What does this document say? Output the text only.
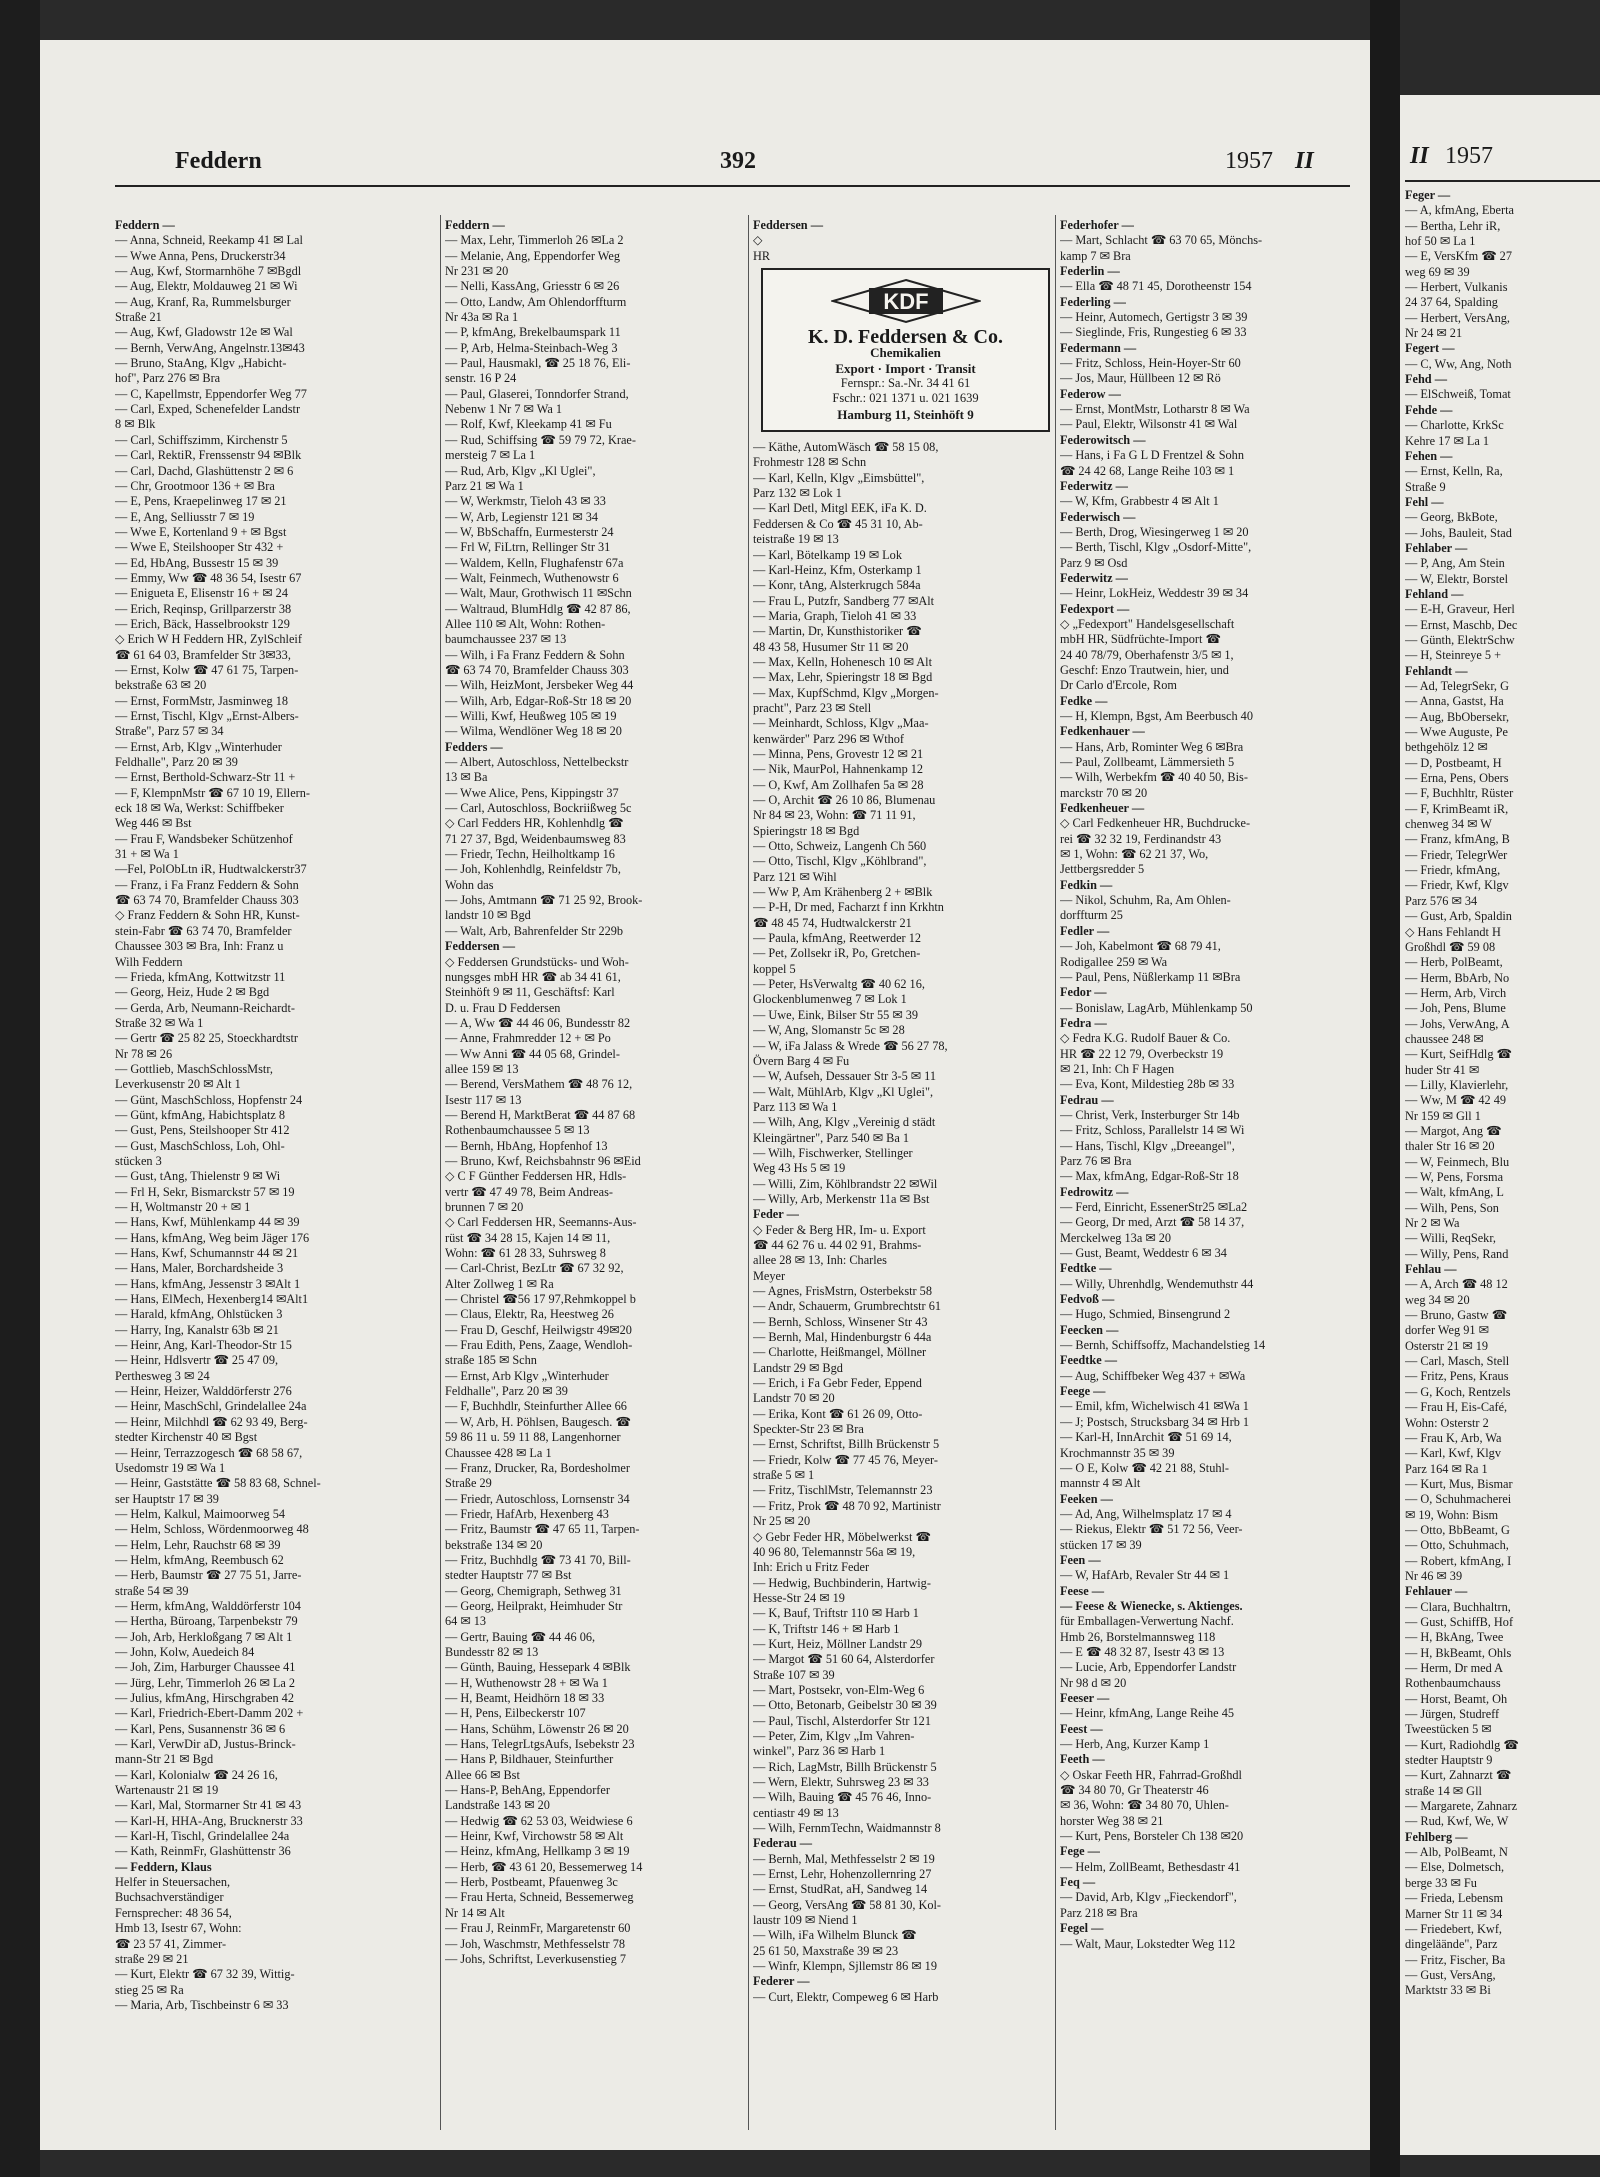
Feddern	392	1957 II
Feddern —
— Anna, Schneid, Reekamp 41 ✉ Lal
— Wwe Anna, Pens, Druckerstr34
— Aug, Kwf, Stormarnhöhe 7 ✉Bgdl
— Aug, Elektr, Moldauweg 21 ✉ Wi
— Aug, Kranf, Ra, Rummelsburger
Straße 21
— Aug, Kwf, Gladowstr 12e ✉ Wal
— Bernh, VerwAng, Angelnstr.13✉43
— Bruno, StaAng, Klgv „Habicht-
hof", Parz 276 ✉ Bra
— C, Kapellmstr, Eppendorfer Weg 77
— Carl, Exped, Schenefelder Landstr
8 ✉ Blk
— Carl, Schiffszimm, Kirchenstr 5
— Carl, RektiR, Frenssenstr 94 ✉Blk
— Carl, Dachd, Glashüttenstr 2 ✉ 6
— Chr, Grootmoor 136 + ✉ Bra
— E, Pens, Kraepelinweg 17 ✉ 21
— E, Ang, Selliusstr 7 ✉ 19
— Wwe E, Kortenland 9 + ✉ Bgst
— Wwe E, Steilshooper Str 432 +
— Ed, HbAng, Bussestr 15 ✉ 39
— Emmy, Ww ☎ 48 36 54, Isestr 67
— Enigueta E, Elisenstr 16 + ✉ 24
— Erich, Reqinsp, Grillparzerstr 38
— Erich, Bäck, Hasselbrookstr 129
◇ Erich W H Feddern HR, ZylSchleif
☎ 61 64 03, Bramfelder Str 3✉33,
— Ernst, Kolw ☎ 47 61 75, Tarpen-
bekstraße 63 ✉ 20
— Ernst, FormMstr, Jasminweg 18
— Ernst, Tischl, Klgv „Ernst-Albers-
Straße", Parz 57 ✉ 34
— Ernst, Arb, Klgv „Winterhuder
Feldhalle", Parz 20 ✉ 39
— Ernst, Berthold-Schwarz-Str 11 +
— F, KlempnMstr ☎ 67 10 19, Ellern-
eck 18 ✉ Wa, Werkst: Schiffbeker
Weg 446 ✉ Bst
— Frau F, Wandsbeker Schützenhof
31 + ✉ Wa 1
—Fel, PolObLtn iR, Hudtwalckerstr37
— Franz, i Fa Franz Feddern & Sohn
☎ 63 74 70, Bramfelder Chauss 303
◇ Franz Feddern & Sohn HR, Kunst-
stein-Fabr ☎ 63 74 70, Bramfelder
Chaussee 303 ✉ Bra, Inh: Franz u
Wilh Feddern
— Frieda, kfmAng, Kottwitzstr 11
— Georg, Heiz, Hude 2 ✉ Bgd
— Gerda, Arb, Neumann-Reichardt-
Straße 32 ✉ Wa 1
— Gertr ☎ 25 82 25, Stoeckhardtstr
Nr 78 ✉ 26
— Gottlieb, MaschSchlossMstr,
Leverkusenstr 20 ✉ Alt 1
— Günt, MaschSchloss, Hopfenstr 24
— Günt, kfmAng, Habichtsplatz 8
— Gust, Pens, Steilshooper Str 412
— Gust, MaschSchloss, Loh, Ohl-
stücken 3
— Gust, tAng, Thielenstr 9 ✉ Wi
— Frl H, Sekr, Bismarckstr 57 ✉ 19
— H, Woltmanstr 20 + ✉ 1
— Hans, Kwf, Mühlenkamp 44 ✉ 39
— Hans, kfmAng, Weg beim Jäger 176
— Hans, Kwf, Schumannstr 44 ✉ 21
— Hans, Maler, Borchardsheide 3
— Hans, kfmAng, Jessenstr 3 ✉Alt 1
— Hans, ElMech, Hexenberg14 ✉Alt1
— Harald, kfmAng, Ohlstücken 3
— Harry, Ing, Kanalstr 63b ✉ 21
— Heinr, Ang, Karl-Theodor-Str 15
— Heinr, Hdlsvertr ☎ 25 47 09,
Perthesweg 3 ✉ 24
— Heinr, Heizer, Walddörferstr 276
— Heinr, MaschSchl, Grindelallee 24a
— Heinr, Milchhdl ☎ 62 93 49, Berg-
stedter Kirchenstr 40 ✉ Bgst
— Heinr, Terrazzogesch ☎ 68 58 67,
Usedomstr 19 ✉ Wa 1
— Heinr, Gaststätte ☎ 58 83 68, Schnel-
ser Hauptstr 17 ✉ 39
— Helm, Kalkul, Maimoorweg 54
— Helm, Schloss, Wördenmoorweg 48
— Helm, Lehr, Rauchstr 68 ✉ 39
— Helm, kfmAng, Reembusch 62
— Herb, Baumstr ☎ 27 75 51, Jarre-
straße 54 ✉ 39
— Herm, kfmAng, Walddörferstr 104
— Hertha, Büroang, Tarpenbekstr 79
— Joh, Arb, Herkloßgang 7 ✉ Alt 1
— John, Kolw, Auedeich 84
— Joh, Zim, Harburger Chaussee 41
— Jürg, Lehr, Timmerloh 26 ✉ La 2
— Julius, kfmAng, Hirschgraben 42
— Karl, Friedrich-Ebert-Damm 202 +
— Karl, Pens, Susannenstr 36 ✉ 6
— Karl, VerwDir aD, Justus-Brinck-
mann-Str 21 ✉ Bgd
— Karl, Kolonialw ☎ 24 26 16,
Wartenaustr 21 ✉ 19
— Karl, Mal, Stormarner Str 41 ✉ 43
— Karl-H, HHA-Ang, Brucknerstr 33
— Karl-H, Tischl, Grindelallee 24a
— Kath, ReinmFr, Glashüttenstr 36
— Feddern, Klaus
Helfer in Steuersachen,
Buchsachverständiger
Fernsprecher: 48 36 54,
Hmb 13, Isestr 67, Wohn:
☎ 23 57 41, Zimmer-
straße 29 ✉ 21
— Kurt, Elektr ☎ 67 32 39, Wittig-
stieg 25 ✉ Ra
— Maria, Arb, Tischbeinstr 6 ✉ 33
Feddern —
— Max, Lehr, Timmerloh 26 ✉La 2
— Melanie, Ang, Eppendorfer Weg
Nr 231 ✉ 20
— Nelli, KassAng, Griesstr 6 ✉ 26
— Otto, Landw, Am Ohlendorffturm
Nr 43a ✉ Ra 1
— P, kfmAng, Brekelbaumspark 11
— P, Arb, Helma-Steinbach-Weg 3
— Paul, Hausmakl, ☎ 25 18 76, Eli-
senstr. 16 P 24
— Paul, Glaserei, Tonndorfer Strand,
Nebenw 1 Nr 7 ✉ Wa 1
— Rolf, Kwf, Kleekamp 41 ✉ Fu
— Rud, Schiffsing ☎ 59 79 72, Krae-
mersteig 7 ✉ La 1
— Rud, Arb, Klgv „Kl Uglei",
Parz 21 ✉ Wa 1
— W, Werkmstr, Tieloh 43 ✉ 33
— W, Arb, Legienstr 121 ✉ 34
— W, BbSchaffn, Eurmesterstr 24
— Frl W, FiLtrn, Rellinger Str 31
— Waldem, Kelln, Flughafenstr 67a
— Walt, Feinmech, Wuthenowstr 6
— Walt, Maur, Grothwisch 11 ✉Schn
— Waltraud, BlumHdlg ☎ 42 87 86,
Allee 110 ✉ Alt, Wohn: Rothen-
baumchaussee 237 ✉ 13
— Wilh, i Fa Franz Feddern & Sohn
☎ 63 74 70, Bramfelder Chauss 303
— Wilh, HeizMont, Jersbeker Weg 44
— Wilh, Arb, Edgar-Roß-Str 18 ✉ 20
— Willi, Kwf, Heußweg 105 ✉ 19
— Wilma, Wendlöner Weg 18 ✉ 20
Fedders —
— Albert, Autoschloss, Nettelbeckstr
13 ✉ Ba
— Wwe Alice, Pens, Kippingstr 37
— Carl, Autoschloss, Bockriißweg 5c
◇ Carl Fedders HR, Kohlenhdlg ☎
71 27 37, Bgd, Weidenbaumsweg 83
— Friedr, Techn, Heilholtkamp 16
— Joh, Kohlenhdlg, Reinfeldstr 7b,
Wohn das
— Johs, Amtmann ☎ 71 25 92, Brook-
landstr 10 ✉ Bgd
— Walt, Arb, Bahrenfelder Str 229b
Feddersen —
◇ Feddersen Grundstücks- und Woh-
nungsges mbH HR ☎ ab 34 41 61,
Steinhöft 9 ✉ 11, Geschäftsf: Karl
D. u. Frau D Feddersen
— A, Ww ☎ 44 46 06, Bundesstr 82
— Anne, Frahmredder 12 + ✉ Po
— Ww Anni ☎ 44 05 68, Grindel-
allee 159 ✉ 13
— Berend, VersMathem ☎ 48 76 12,
Isestr 117 ✉ 13
— Berend H, MarktBerat ☎ 44 87 68
Rothenbaumchaussee 5 ✉ 13
— Bernh, HbAng, Hopfenhof 13
— Bruno, Kwf, Reichsbahnstr 96 ✉Eid
◇ C F Günther Feddersen HR, Hdls-
vertr ☎ 47 49 78, Beim Andreas-
brunnen 7 ✉ 20
◇ Carl Feddersen HR, Seemanns-Aus-
rüst ☎ 34 28 15, Kajen 14 ✉ 11,
Wohn: ☎ 61 28 33, Suhrsweg 8
— Carl-Christ, BezLtr ☎ 67 32 92,
Alter Zollweg 1 ✉ Ra
— Christel ☎56 17 97,Rehmkoppel b
— Claus, Elektr, Ra, Heestweg 26
— Frau D, Geschf, Heilwigstr 49✉20
— Frau Edith, Pens, Zaage, Wendloh-
straße 185 ✉ Schn
— Ernst, Arb Klgv „Winterhuder
Feldhalle", Parz 20 ✉ 39
— F, Buchhdlr, Steinfurther Allee 66
— W, Arb, H. Pöhlsen, Baugesch. ☎
59 86 11 u. 59 11 88, Langenhorner
Chaussee 428 ✉ La 1
— Franz, Drucker, Ra, Bordesholmer
Straße 29
— Friedr, Autoschloss, Lornsenstr 34
— Friedr, HafArb, Hexenberg 43
— Fritz, Baumstr ☎ 47 65 11, Tarpen-
bekstraße 134 ✉ 20
— Fritz, Buchhdlg ☎ 73 41 70, Bill-
stedter Hauptstr 77 ✉ Bst
— Georg, Chemigraph, Sethweg 31
— Georg, Heilprakt, Heimhuder Str
64 ✉ 13
— Gertr, Bauing ☎ 44 46 06,
Bundesstr 82 ✉ 13
— Günth, Bauing, Hessepark 4 ✉Blk
— H, Wuthenowstr 28 + ✉ Wa 1
— H, Beamt, Heidhörn 18 ✉ 33
— H, Pens, Eilbeckerstr 107
— Hans, Schühm, Löwenstr 26 ✉ 20
— Hans, TelegrLtgsAufs, Isebekstr 23
— Hans P, Bildhauer, Steinfurther
Allee 66 ✉ Bst
— Hans-P, BehAng, Eppendorfer
Landstraße 143 ✉ 20
— Hedwig ☎ 62 53 03, Weidwiese 6
— Heinr, Kwf, Virchowstr 58 ✉ Alt
— Heinz, kfmAng, Hellkamp 3 ✉ 19
— Herb, ☎ 43 61 20, Bessemerweg 14
— Herb, Postbeamt, Pfauenweg 3c
— Frau Herta, Schneid, Bessemerweg
Nr 14 ✉ Alt
— Frau J, ReinmFr, Margaretenstr 60
— Joh, Waschmstr, Methfesselstr 78
— Johs, Schriftst, Leverkusenstieg 7
Feddersen —
◇
HR
KDF
K. D. Feddersen & Co.
Chemikalien
Export · Import · Transit
Fernspr.: Sa.-Nr. 34 41 61
Fschr.: 021 1371 u. 021 1639
Hamburg 11, Steinhöft 9
— Käthe, AutomWäsch ☎ 58 15 08,
Frohmestr 128 ✉ Schn
— Karl, Kelln, Klgv „Eimsbüttel",
Parz 132 ✉ Lok 1
— Karl Detl, Mitgl EEK, iFa K. D.
Feddersen & Co ☎ 45 31 10, Ab-
teistraße 19 ✉ 13
— Karl, Bötelkamp 19 ✉ Lok
— Karl-Heinz, Kfm, Osterkamp 1
— Konr, tAng, Alsterkrugch 584a
— Frau L, Putzfr, Sandberg 77 ✉Alt
— Maria, Graph, Tieloh 41 ✉ 33
— Martin, Dr, Kunsthistoriker ☎
48 43 58, Husumer Str 11 ✉ 20
— Max, Kelln, Hohenesch 10 ✉ Alt
— Max, Lehr, Spieringstr 18 ✉ Bgd
— Max, KupfSchmd, Klgv „Morgen-
pracht", Parz 23 ✉ Stell
— Meinhardt, Schloss, Klgv „Maa-
kenwärder" Parz 296 ✉ Wthof
— Minna, Pens, Grovestr 12 ✉ 21
— Nik, MaurPol, Hahnenkamp 12
— O, Kwf, Am Zollhafen 5a ✉ 28
— O, Archit ☎ 26 10 86, Blumenau
Nr 84 ✉ 23, Wohn: ☎ 71 11 91,
Spieringstr 18 ✉ Bgd
— Otto, Schweiz, Langenh Ch 560
— Otto, Tischl, Klgv „Köhlbrand",
Parz 121 ✉ Wihl
— Ww P, Am Krähenberg 2 + ✉Blk
— P-H, Dr med, Facharzt f inn Krkhtn
☎ 48 45 74, Hudtwalckerstr 21
— Paula, kfmAng, Reetwerder 12
— Pet, Zollsekr iR, Po, Gretchen-
koppel 5
— Peter, HsVerwaltg ☎ 40 62 16,
Glockenblumenweg 7 ✉ Lok 1
— Uwe, Eink, Bilser Str 55 ✉ 39
— W, Ang, Slomanstr 5c ✉ 28
— W, iFa Jalass & Wrede ☎ 56 27 78,
Övern Barg 4 ✉ Fu
— W, Aufseh, Dessauer Str 3-5 ✉ 11
— Walt, MühlArb, Klgv „Kl Uglei",
Parz 113 ✉ Wa 1
— Wilh, Ang, Klgv „Vereinig d städt
Kleingärtner", Parz 540 ✉ Ba 1
— Wilh, Fischwerker, Stellinger
Weg 43 Hs 5 ✉ 19
— Willi, Zim, Köhlbrandstr 22 ✉Wil
— Willy, Arb, Merkenstr 11a ✉ Bst
Feder —
◇ Feder & Berg HR, Im- u. Export
☎ 44 62 76 u. 44 02 91, Brahms-
allee 28 ✉ 13, Inh: Charles
Meyer
— Agnes, FrisMstrn, Osterbekstr 58
— Andr, Schauerm, Grumbrechtstr 61
— Bernh, Schloss, Winsener Str 43
— Bernh, Mal, Hindenburgstr 6 44a
— Charlotte, Heißmangel, Möllner
Landstr 29 ✉ Bgd
— Erich, i Fa Gebr Feder, Eppend
Landstr 70 ✉ 20
— Erika, Kont ☎ 61 26 09, Otto-
Speckter-Str 23 ✉ Bra
— Ernst, Schriftst, Billh Brückenstr 5
— Friedr, Kolw ☎ 77 45 76, Meyer-
straße 5 ✉ 1
— Fritz, TischlMstr, Telemannstr 23
— Fritz, Prok ☎ 48 70 92, Martinistr
Nr 25 ✉ 20
◇ Gebr Feder HR, Möbelwerkst ☎
40 96 80, Telemannstr 56a ✉ 19,
Inh: Erich u Fritz Feder
— Hedwig, Buchbinderin, Hartwig-
Hesse-Str 24 ✉ 19
— K, Bauf, Triftstr 110 ✉ Harb 1
— K, Triftstr 146 + ✉ Harb 1
— Kurt, Heiz, Möllner Landstr 29
— Margot ☎ 51 60 64, Alsterdorfer
Straße 107 ✉ 39
— Mart, Postsekr, von-Elm-Weg 6
— Otto, Betonarb, Geibelstr 30 ✉ 39
— Paul, Tischl, Alsterdorfer Str 121
— Peter, Zim, Klgv „Im Vahren-
winkel", Parz 36 ✉ Harb 1
— Rich, LagMstr, Billh Brückenstr 5
— Wern, Elektr, Suhrsweg 23 ✉ 33
— Wilh, Bauing ☎ 45 76 46, Inno-
centiastr 49 ✉ 13
— Wilh, FernmTechn, Waidmannstr 8
Federau —
— Bernh, Mal, Methfesselstr 2 ✉ 19
— Ernst, Lehr, Hohenzollernring 27
— Ernst, StudRat, aH, Sandweg 14
— Georg, VersAng ☎ 58 81 30, Kol-
laustr 109 ✉ Niend 1
— Wilh, iFa Wilhelm Blunck ☎
25 61 50, Maxstraße 39 ✉ 23
— Winfr, Klempn, Sjllemstr 86 ✉ 19
Federer —
— Curt, Elektr, Compeweg 6 ✉ Harb
Federhofer —
— Mart, Schlacht ☎ 63 70 65, Mönchs-
kamp 7 ✉ Bra
Federlin —
— Ella ☎ 48 71 45, Dorotheenstr 154
Federling —
— Heinr, Automech, Gertigstr 3 ✉ 39
— Sieglinde, Fris, Rungestieg 6 ✉ 33
Federmann —
— Fritz, Schloss, Hein-Hoyer-Str 60
— Jos, Maur, Hüllbeen 12 ✉ Rö
Federow —
— Ernst, MontMstr, Lotharstr 8 ✉ Wa
— Paul, Elektr, Wilsonstr 41 ✉ Wal
Federowitsch —
— Hans, i Fa G L D Frentzel & Sohn
☎ 24 42 68, Lange Reihe 103 ✉ 1
Federwitz —
— W, Kfm, Grabbestr 4 ✉ Alt 1
Federwisch —
— Berth, Drog, Wiesingerweg 1 ✉ 20
— Berth, Tischl, Klgv „Osdorf-Mitte",
Parz 9 ✉ Osd
Federwitz —
— Heinr, LokHeiz, Weddestr 39 ✉ 34
Fedexport —
◇ „Fedexport" Handelsgesellschaft
mbH HR, Südfrüchte-Import ☎
24 40 78/79, Oberhafenstr 3/5 ✉ 1,
Geschf: Enzo Trautwein, hier, und
Dr Carlo d'Ercole, Rom
Fedke —
— H, Klempn, Bgst, Am Beerbusch 40
Fedkenhauer —
— Hans, Arb, Rominter Weg 6 ✉Bra
— Paul, Zollbeamt, Lämmersieth 5
— Wilh, Werbekfm ☎ 40 40 50, Bis-
marckstr 70 ✉ 20
Fedkenheuer —
◇ Carl Fedkenheuer HR, Buchdrucke-
rei ☎ 32 32 19, Ferdinandstr 43
✉ 1, Wohn: ☎ 62 21 37, Wo,
Jettbergsredder 5
Fedkin —
— Nikol, Schuhm, Ra, Am Ohlen-
dorffturm 25
Fedler —
— Joh, Kabelmont ☎ 68 79 41,
Rodigallee 259 ✉ Wa
— Paul, Pens, Nüßlerkamp 11 ✉Bra
Fedor —
— Bonislaw, LagArb, Mühlenkamp 50
Fedra —
◇ Fedra K.G. Rudolf Bauer & Co.
HR ☎ 22 12 79, Overbeckstr 19
✉ 21, Inh: Ch F Hagen
— Eva, Kont, Mildestieg 28b ✉ 33
Fedrau —
— Christ, Verk, Insterburger Str 14b
— Fritz, Schloss, Parallelstr 14 ✉ Wi
— Hans, Tischl, Klgv „Dreeangel",
Parz 76 ✉ Bra
— Max, kfmAng, Edgar-Roß-Str 18
Fedrowitz —
— Ferd, Einricht, EssenerStr25 ✉La2
— Georg, Dr med, Arzt ☎ 58 14 37,
Merckelweg 13a ✉ 20
— Gust, Beamt, Weddestr 6 ✉ 34
Fedtke —
— Willy, Uhrenhdlg, Wendemuthstr 44
Fedvoß —
— Hugo, Schmied, Binsengrund 2
Feecken —
— Bernh, Schiffsoffz, Machandelstieg 14
Feedtke —
— Aug, Schiffbeker Weg 437 + ✉Wa
Feege —
— Emil, kfm, Wichelwisch 41 ✉Wa 1
— J; Postsch, Strucksbarg 34 ✉ Hrb 1
— Karl-H, InnArchit ☎ 51 69 14,
Krochmannstr 35 ✉ 39
— O E, Kolw ☎ 42 21 88, Stuhl-
mannstr 4 ✉ Alt
Feeken —
— Ad, Ang, Wilhelmsplatz 17 ✉ 4
— Riekus, Elektr ☎ 51 72 56, Veer-
stücken 17 ✉ 39
Feen —
— W, HafArb, Revaler Str 44 ✉ 1
Feese —
— Feese & Wienecke, s. Aktienges.
für Emballagen-Verwertung Nachf.
Hmb 26, Borstelmannsweg 118
— E ☎ 48 32 87, Isestr 43 ✉ 13
— Lucie, Arb, Eppendorfer Landstr
Nr 98 d ✉ 20
Feeser —
— Heinr, kfmAng, Lange Reihe 45
Feest —
— Herb, Ang, Kurzer Kamp 1
Feeth —
◇ Oskar Feeth HR, Fahrrad-Großhdl
☎ 34 80 70, Gr Theaterstr 46
✉ 36, Wohn: ☎ 34 80 70, Uhlen-
horster Weg 38 ✉ 21
— Kurt, Pens, Borsteler Ch 138 ✉20
Fege —
— Helm, ZollBeamt, Bethesdastr 41
Feq —
— David, Arb, Klgv „Fieckendorf",
Parz 218 ✉ Bra
Fegel —
— Walt, Maur, Lokstedter Weg 112
II 1957
Feger —
— A, kfmAng, Eberta
— Bertha, Lehr iR,
hof 50 ✉ La 1
— E, VersKfm ☎ 27
weg 69 ✉ 39
— Herbert, Vulkanis
24 37 64, Spalding
— Herbert, VersAng,
Nr 24 ✉ 21
Fegert —
— C, Ww, Ang, Noth
Fehd —
— ElSchweiß, Tomat
Fehde —
— Charlotte, KrkSc
Kehre 17 ✉ La 1
Fehen —
— Ernst, Kelln, Ra,
Straße 9
Fehl —
— Georg, BkBote,
— Johs, Bauleit, Stad
Fehlaber —
— P, Ang, Am Stein
— W, Elektr, Borstel
Fehland —
— E-H, Graveur, Herl
— Ernst, Maschb, Dec
— Günth, ElektrSchw
— H, Steinreye 5 +
Fehlandt —
— Ad, TelegrSekr, G
— Anna, Gastst, Ha
— Aug, BbObersekr,
— Wwe Auguste, Pe
bethgehölz 12 ✉
— D, Postbeamt, H
— Erna, Pens, Obers
— F, Buchhltr, Rüster
— F, KrimBeamt iR,
chenweg 34 ✉ W
— Franz, kfmAng, B
— Friedr, TelegrWer
— Friedr, kfmAng,
— Friedr, Kwf, Klgv
Parz 576 ✉ 34
— Gust, Arb, Spaldin
◇ Hans Fehlandt H
Großhdl ☎ 59 08
— Herb, PolBeamt,
— Herm, BbArb, No
— Herm, Arb, Virch
— Joh, Pens, Blume
— Johs, VerwAng, A
chaussee 248 ✉
— Kurt, SeifHdlg ☎
huder Str 41 ✉
— Lilly, Klavierlehr,
— Ww, M ☎ 42 49
Nr 159 ✉ Gll 1
— Margot, Ang ☎
thaler Str 16 ✉ 20
— W, Feinmech, Blu
— W, Pens, Forsma
— Walt, kfmAng, L
— Wilh, Pens, Son
Nr 2 ✉ Wa
— Willi, ReqSekr,
— Willy, Pens, Rand
Fehlau —
— A, Arch ☎ 48 12
weg 34 ✉ 20
— Bruno, Gastw ☎
dorfer Weg 91 ✉
Osterstr 21 ✉ 19
— Carl, Masch, Stell
— Fritz, Pens, Kraus
— G, Koch, Rentzels
— Frau H, Eis-Café,
Wohn: Osterstr 2
— Frau K, Arb, Wa
— Karl, Kwf, Klgv
Parz 164 ✉ Ra 1
— Kurt, Mus, Bismar
— O, Schuhmacherei
✉ 19, Wohn: Bism
— Otto, BbBeamt, G
— Otto, Schuhmach,
— Robert, kfmAng, I
Nr 46 ✉ 39
Fehlauer —
— Clara, Buchhaltrn,
— Gust, SchiffB, Hof
— H, BkAng, Twee
— H, BkBeamt, Ohls
— Herm, Dr med A
Rothenbaumchauss
— Horst, Beamt, Oh
— Jürgen, Studreff
Tweestücken 5 ✉
— Kurt, Radiohdlg ☎
stedter Hauptstr 9
— Kurt, Zahnarzt ☎
straße 14 ✉ Gll
— Margarete, Zahnarz
— Rud, Kwf, We, W
Fehlberg —
— Alb, PolBeamt, N
— Else, Dolmetsch,
berge 33 ✉ Fu
— Frieda, Lebensm
Marner Str 11 ✉ 34
— Friedebert, Kwf,
dingeläände", Parz
— Fritz, Fischer, Ba
— Gust, VersAng,
Marktstr 33 ✉ Bi
